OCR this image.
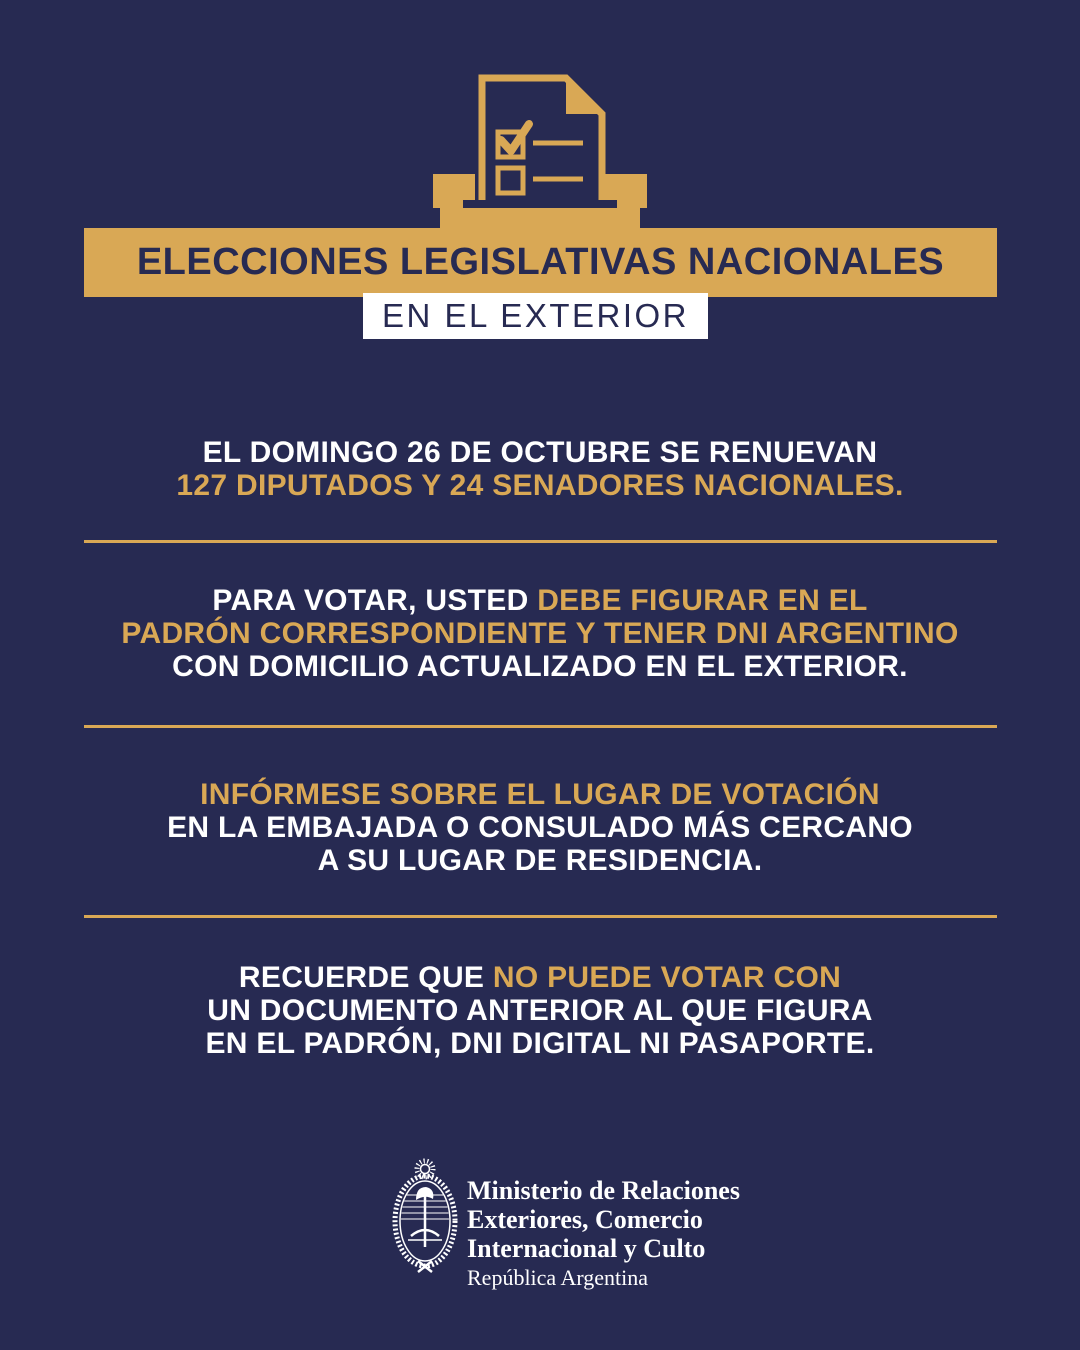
ELECCIONES LEGISLATIVAS NACIONALES
EN EL EXTERIOR
EL DOMINGO 26 DE OCTUBRE SE RENUEVAN
127 DIPUTADOS Y 24 SENADORES NACIONALES.
PARA VOTAR, USTED DEBE FIGURAR EN EL
PADRÓN CORRESPONDIENTE Y TENER DNI ARGENTINO
CON DOMICILIO ACTUALIZADO EN EL EXTERIOR.
INFÓRMESE SOBRE EL LUGAR DE VOTACIÓN
EN LA EMBAJADA O CONSULADO MÁS CERCANO
A SU LUGAR DE RESIDENCIA.
RECUERDE QUE NO PUEDE VOTAR CON
UN DOCUMENTO ANTERIOR AL QUE FIGURA
EN EL PADRÓN, DNI DIGITAL NI PASAPORTE.
Ministerio de Relaciones
Exteriores, Comercio
Internacional y Culto
República Argentina
